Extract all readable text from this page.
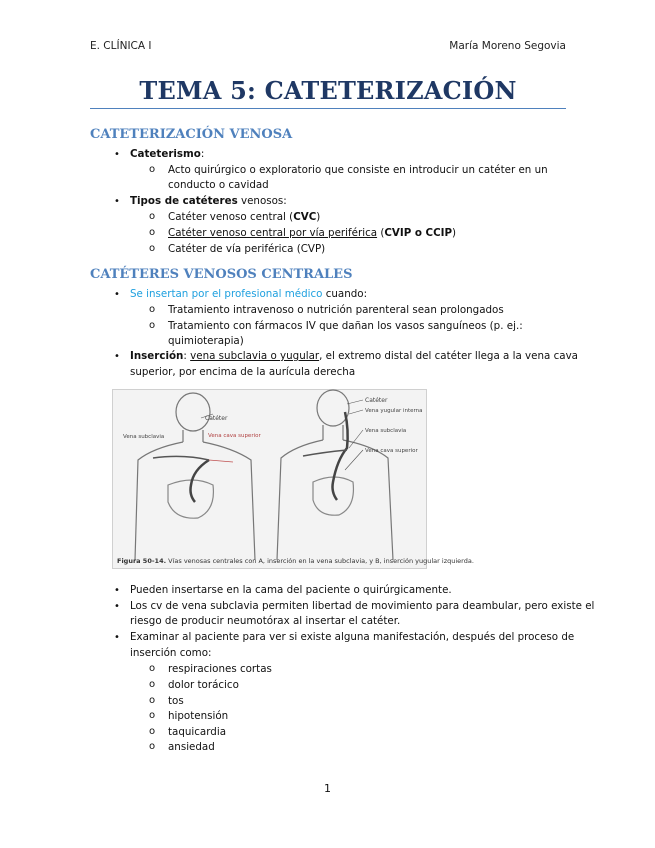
E. CLÍNICA I	María Moreno Segovia
TEMA 5: CATETERIZACIÓN
CATETERIZACIÓN VENOSA
• Cateterismo:
o Acto quirúrgico o exploratorio que consiste en introducir un catéter en un
conducto o cavidad
• Tipos de catéteres venosos:
o Catéter venoso central (CVC)
o Catéter venoso central por vía periférica (CVIP o CCIP)
o Catéter de vía periférica (CVP)
CATÉTERES VENOSOS CENTRALES
• Se insertan por el profesional médico cuando:
o Tratamiento intravenoso o nutrición parenteral sean prolongados
o Tratamiento con fármacos IV que dañan los vasos sanguíneos (p. ej.:
quimioterapia)
• Inserción: vena subclavia o yugular, el extremo distal del catéter llega a la vena cava
superior, por encima de la aurícula derecha
Catéter
Vena subclavia	Vena cava superior
Catéter
Vena yugular interna
Vena subclavia
Vena cava superior
Figura 50-14. Vías venosas centrales con A, inserción en la vena subclavia, y B, inserción yugular izquierda.
• Pueden insertarse en la cama del paciente o quirúrgicamente.
• Los cv de vena subclavia permiten libertad de movimiento para deambular, pero existe el
riesgo de producir neumotórax al insertar el catéter.
• Examinar al paciente para ver si existe alguna manifestación, después del proceso de
inserción como:
o respiraciones cortas
o dolor torácico
o tos
o hipotensión
o taquicardia
o ansiedad
1
